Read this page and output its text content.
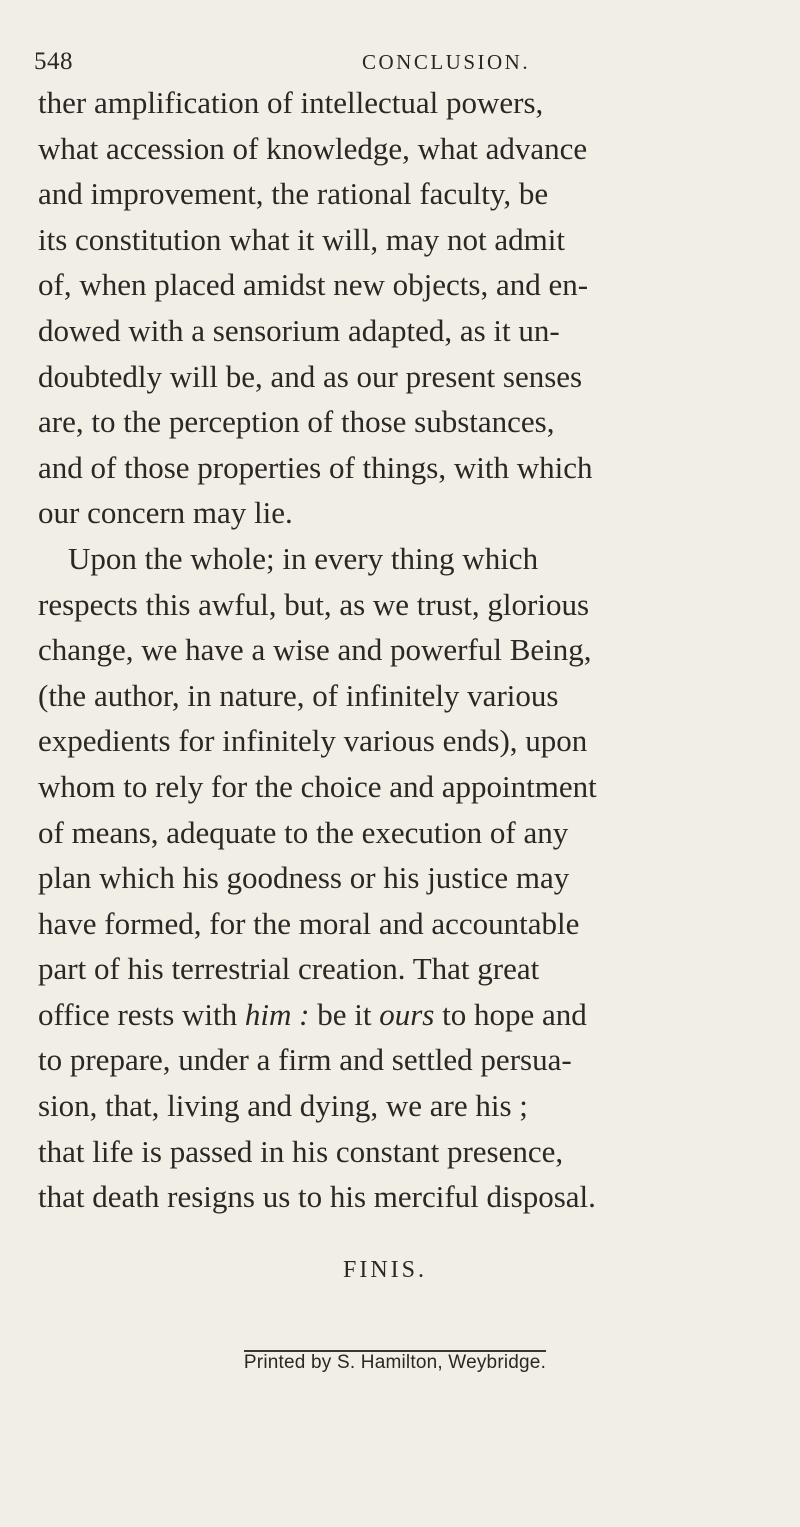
548	CONCLUSION.
ther amplification of intellectual powers,
what accession of knowledge, what advance
and improvement, the rational faculty, be
its constitution what it will, may not admit
of, when placed amidst new objects, and en-
dowed with a sensorium adapted, as it un-
doubtedly will be, and as our present senses
are, to the perception of those substances,
and of those properties of things, with which
our concern may lie.
Upon the whole; in every thing which
respects this awful, but, as we trust, glorious
change, we have a wise and powerful Being,
(the author, in nature, of infinitely various
expedients for infinitely various ends), upon
whom to rely for the choice and appointment
of means, adequate to the execution of any
plan which his goodness or his justice may
have formed, for the moral and accountable
part of his terrestrial creation. That great
office rests with him : be it ours to hope and
to prepare, under a firm and settled persua-
sion, that, living and dying, we are his ;
that life is passed in his constant presence,
that death resigns us to his merciful disposal.
FINIS.
Printed by S. Hamilton, Weybridge.
